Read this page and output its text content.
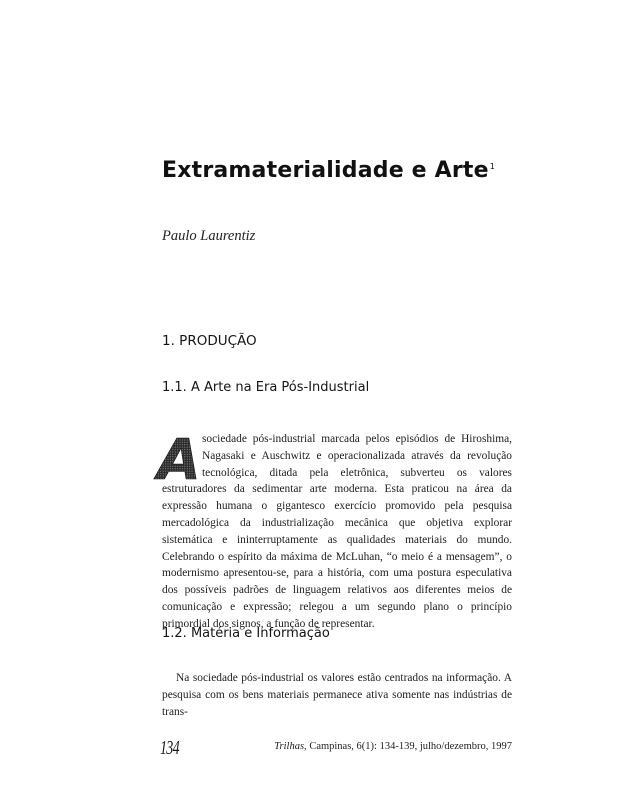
Extramaterialidade e Arte$^1$
Paulo Laurentiz
1. PRODUÇÃO
1.1. A Arte na Era Pós-Industrial

A sociedade pós-industrial marcada pelos episódios de Hiroshima, Nagasaki e Auschwitz e operacionalizada através da revolução tecnológica, ditada pela eletrônica, subverteu os valores estruturadores da sedimentar arte moderna. Esta praticou na área da expressão humana o gigantesco exercício promovido pela pesquisa mercadológica da industrialização mecânica que objetiva explorar sistemática e ininterruptamente as qualidades materiais do mundo. Celebrando o espírito da máxima de McLuhan, “o meio é a mensagem”, o modernismo apresentou-se, para a história, com uma postura especulativa dos possíveis padrões de linguagem relativos aos diferentes meios de comunicação e expressão; relegou a um segundo plano o princípio primordial dos signos, a função de representar.

1.2. Matéria e Informação

Na sociedade pós-industrial os valores estão centrados na informação. A pesquisa com os bens materiais permanece ativa somente nas indústrias de trans-

134	Trilhas, Campinas, 6(1): 134-139, julho/dezembro, 1997
